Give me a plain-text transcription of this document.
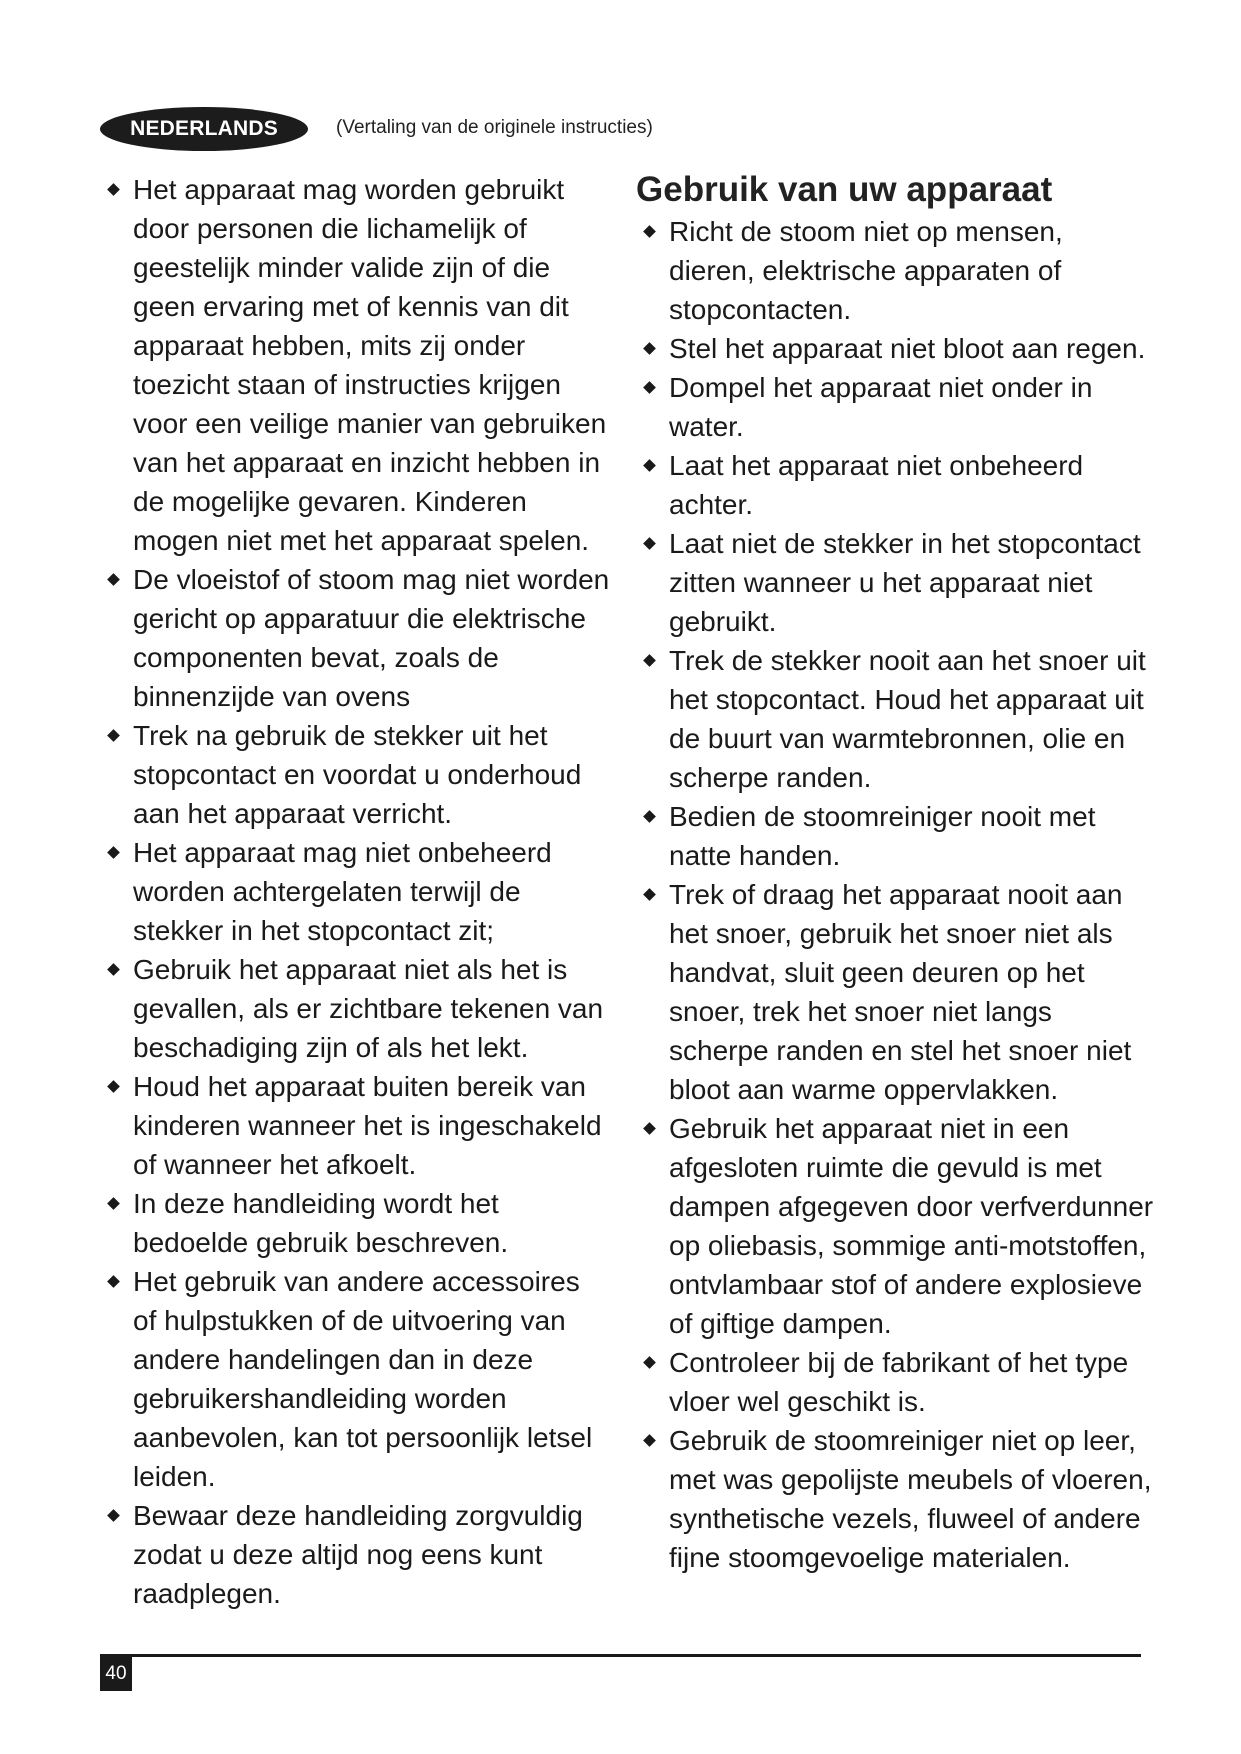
NEDERLANDS	(Vertaling van de originele instructies)
Het apparaat mag worden gebruikt door personen die lichamelijk of geestelijk minder valide zijn of die geen ervaring met of kennis van dit apparaat hebben, mits zij onder toezicht staan of instructies krijgen voor een veilige manier van gebruiken van het apparaat en inzicht hebben in de mogelijke gevaren. Kinderen mogen niet met het apparaat spelen.
De vloeistof of stoom mag niet worden gericht op apparatuur die elektrische componenten bevat, zoals de binnenzijde van ovens
Trek na gebruik de stekker uit het stopcontact en voordat u onderhoud aan het apparaat verricht.
Het apparaat mag niet onbeheerd worden achtergelaten terwijl de stekker in het stopcontact zit;
Gebruik het apparaat niet als het is gevallen, als er zichtbare tekenen van beschadiging zijn of als het lekt.
Houd het apparaat buiten bereik van kinderen wanneer het is ingeschakeld of wanneer het afkoelt.
In deze handleiding wordt het bedoelde gebruik beschreven.
Het gebruik van andere accessoires of hulpstukken of de uitvoering van andere handelingen dan in deze gebruikershandleiding worden aanbevolen, kan tot persoonlijk letsel leiden.
Bewaar deze handleiding zorgvuldig zodat u deze altijd nog eens kunt raadplegen.
Gebruik van uw apparaat
Richt de stoom niet op mensen, dieren, elektrische apparaten of stopcontacten.
Stel het apparaat niet bloot aan regen.
Dompel het apparaat niet onder in water.
Laat het apparaat niet onbeheerd achter.
Laat niet de stekker in het stopcontact zitten wanneer u het apparaat niet gebruikt.
Trek de stekker nooit aan het snoer uit het stopcontact. Houd het apparaat uit de buurt van warmtebronnen, olie en scherpe randen.
Bedien de stoomreiniger nooit met natte handen.
Trek of draag het apparaat nooit aan het snoer, gebruik het snoer niet als handvat, sluit geen deuren op het snoer, trek het snoer niet langs scherpe randen en stel het snoer niet bloot aan warme oppervlakken.
Gebruik het apparaat niet in een afgesloten ruimte die gevuld is met dampen afgegeven door verfverdunner op oliebasis, sommige anti-motstoffen, ontvlambaar stof of andere explosieve of giftige dampen.
Controleer bij de fabrikant of het type vloer wel geschikt is.
Gebruik de stoomreiniger niet op leer, met was gepolijste meubels of vloeren, synthetische vezels, fluweel of andere fijne stoomgevoelige materialen.
40
